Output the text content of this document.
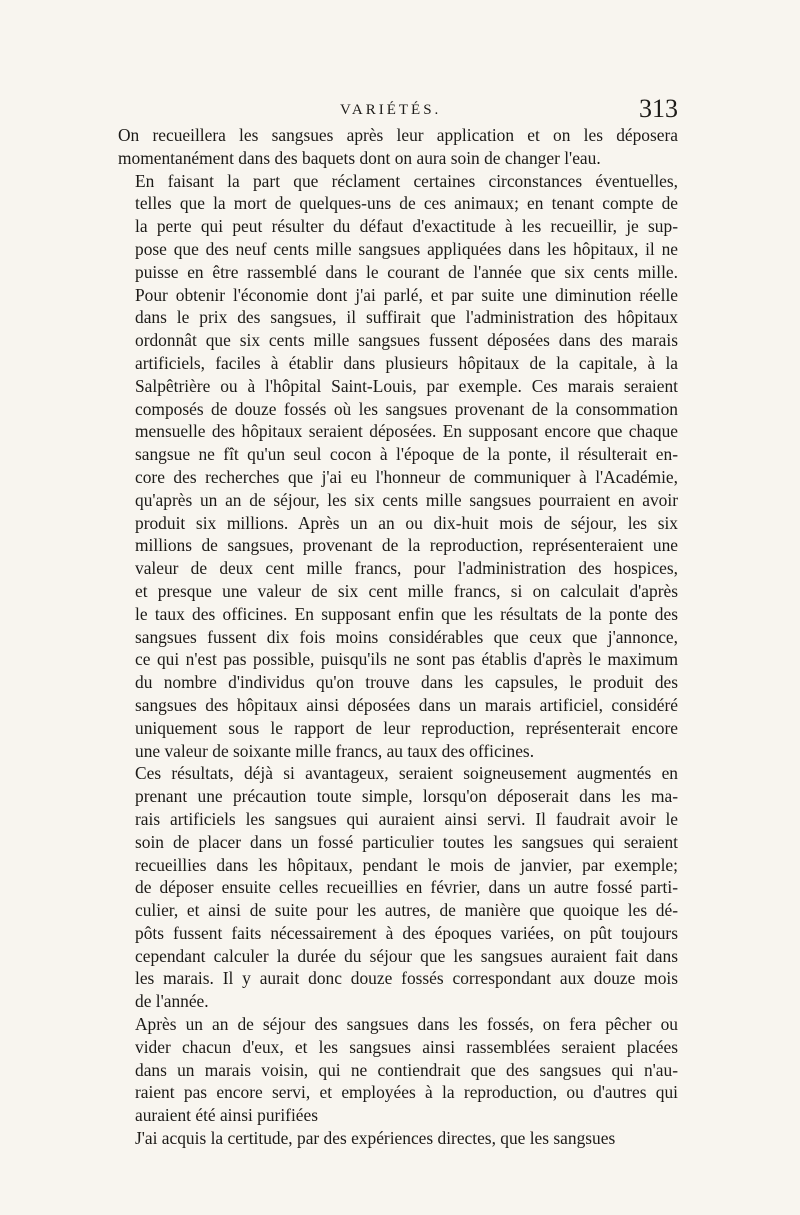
VARIÉTÉS.	313

On recueillera les sangsues après leur application et on les déposera
momentanément dans des baquets dont on aura soin de changer l'eau.

En faisant la part que réclament certaines circonstances éventuelles,
telles que la mort de quelques-uns de ces animaux; en tenant compte de
la perte qui peut résulter du défaut d'exactitude à les recueillir, je sup-
pose que des neuf cents mille sangsues appliquées dans les hôpitaux, il ne
puisse en être rassemblé dans le courant de l'année que six cents mille.
Pour obtenir l'économie dont j'ai parlé, et par suite une diminution réelle
dans le prix des sangsues, il suffirait que l'administration des hôpitaux
ordonnât que six cents mille sangsues fussent déposées dans des marais
artificiels, faciles à établir dans plusieurs hôpitaux de la capitale, à la
Salpêtrière ou à l'hôpital Saint-Louis, par exemple. Ces marais seraient
composés de douze fossés où les sangsues provenant de la consommation
mensuelle des hôpitaux seraient déposées. En supposant encore que chaque
sangsue ne fît qu'un seul cocon à l'époque de la ponte, il résulterait en-
core des recherches que j'ai eu l'honneur de communiquer à l'Académie,
qu'après un an de séjour, les six cents mille sangsues pourraient en avoir
produit six millions. Après un an ou dix-huit mois de séjour, les six
millions de sangsues, provenant de la reproduction, représenteraient une
valeur de deux cent mille francs, pour l'administration des hospices,
et presque une valeur de six cent mille francs, si on calculait d'après
le taux des officines. En supposant enfin que les résultats de la ponte des
sangsues fussent dix fois moins considérables que ceux que j'annonce,
ce qui n'est pas possible, puisqu'ils ne sont pas établis d'après le maximum
du nombre d'individus qu'on trouve dans les capsules, le produit des
sangsues des hôpitaux ainsi déposées dans un marais artificiel, considéré
uniquement sous le rapport de leur reproduction, représenterait encore
une valeur de soixante mille francs, au taux des officines.

Ces résultats, déjà si avantageux, seraient soigneusement augmentés en
prenant une précaution toute simple, lorsqu'on déposerait dans les ma-
rais artificiels les sangsues qui auraient ainsi servi. Il faudrait avoir le
soin de placer dans un fossé particulier toutes les sangsues qui seraient
recueillies dans les hôpitaux, pendant le mois de janvier, par exemple;
de déposer ensuite celles recueillies en février, dans un autre fossé parti-
culier, et ainsi de suite pour les autres, de manière que quoique les dé-
pôts fussent faits nécessairement à des époques variées, on pût toujours
cependant calculer la durée du séjour que les sangsues auraient fait dans
les marais. Il y aurait donc douze fossés correspondant aux douze mois
de l'année.

Après un an de séjour des sangsues dans les fossés, on fera pêcher ou
vider chacun d'eux, et les sangsues ainsi rassemblées seraient placées
dans un marais voisin, qui ne contiendrait que des sangsues qui n'au-
raient pas encore servi, et employées à la reproduction, ou d'autres qui
auraient été ainsi purifiées

J'ai acquis la certitude, par des expériences directes, que les sangsues
